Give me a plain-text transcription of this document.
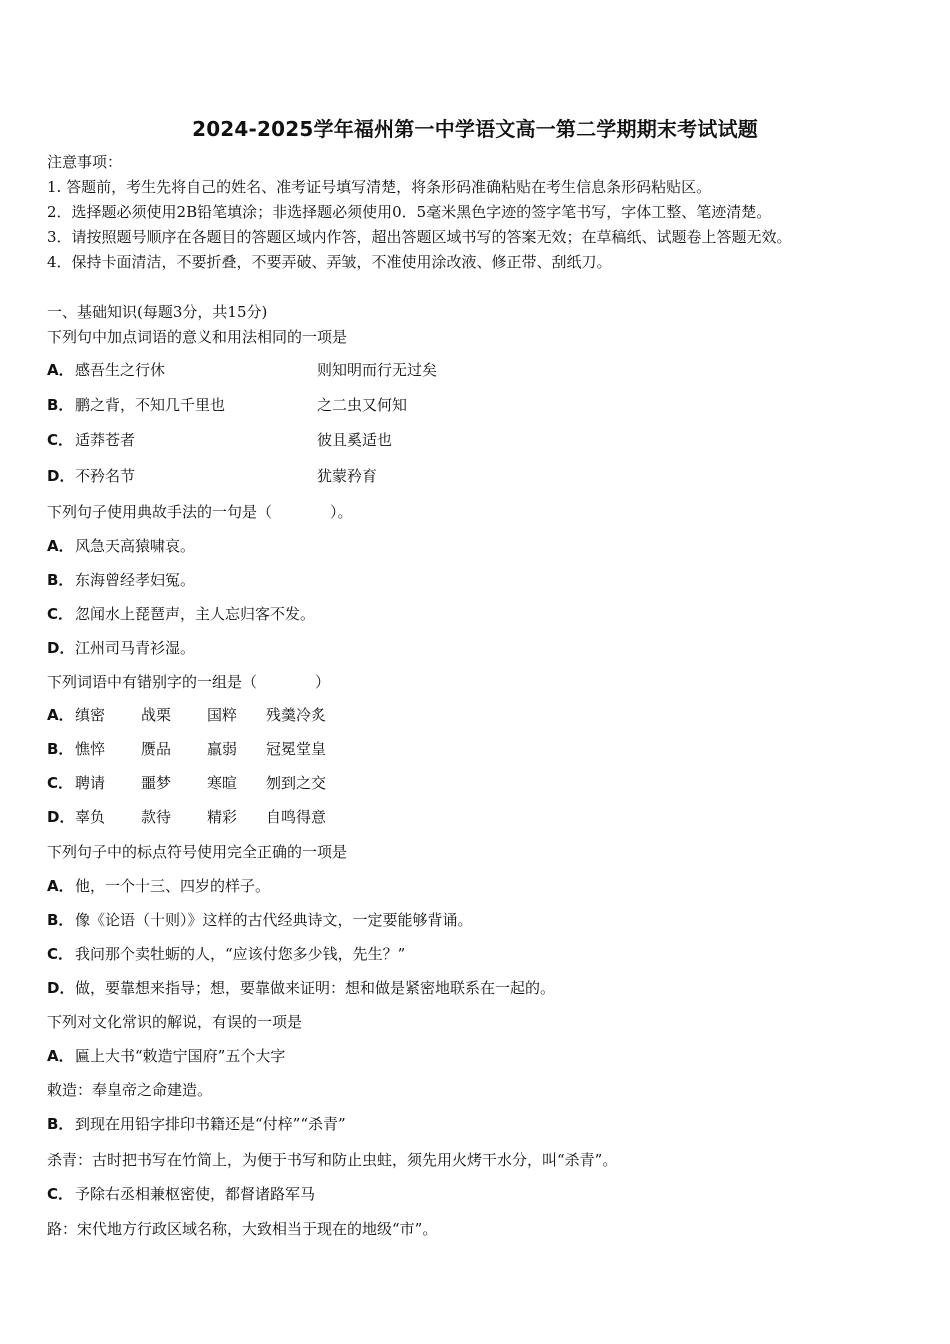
2024-2025学年福州第一中学语文高一第二学期期末考试试题
注意事项：
1. 答题前，考生先将自己的姓名、准考证号填写清楚，将条形码准确粘贴在考生信息条形码粘贴区。
2．选择题必须使用2B铅笔填涂；非选择题必须使用0．5毫米黑色字迹的签字笔书写，字体工整、笔迹清楚。
3．请按照题号顺序在各题目的答题区域内作答，超出答题区域书写的答案无效；在草稿纸、试题卷上答题无效。
4．保持卡面清洁，不要折叠，不要弄破、弄皱，不准使用涂改液、修正带、刮纸刀。
一、基础知识(每题3分，共15分)
下列句中加点词语的意义和用法相同的一项是
A．感吾生之行休	则知明而行无过矣
B． 鹏之背，不知几千里也	之二虫又何知
C． 适莽苍者	彼且奚适也
D．不矜名节	犹蒙矜育
下列句子使用典故手法的一句是（	）。
A．风急天高猿啸哀。
B． 东海曾经孝妇冤。
C． 忽闻水上琵琶声，主人忘归客不发。
D．江州司马青衫湿。
下列词语中有错别字的一组是（	）
A．缜密 战栗 国粹 残羹冷炙
B． 憔悴 赝品 羸弱 冠冕堂皇
C． 聘请 噩梦 寒暄 刎到之交
D．辜负 款待 精彩 自鸣得意
下列句子中的标点符号使用完全正确的一项是
A．他，一个十三、四岁的样子。
B． 像《论语（十则）》这样的古代经典诗文，一定要能够背诵。
C． 我问那个卖牡蛎的人，“应该付您多少钱，先生？”
D．做，要靠想来指导；想，要靠做来证明：想和做是紧密地联系在一起的。
下列对文化常识的解说，有误的一项是
A．匾上大书“敕造宁国府”五个大字
敕造：奉皇帝之命建造。
B． 到现在用铅字排印书籍还是“付梓”“杀青”
杀青：古时把书写在竹简上，为便于书写和防止虫蛀，须先用火烤干水分，叫“杀青”。
C． 予除右丞相兼枢密使，都督诸路军马
路：宋代地方行政区域名称，大致相当于现在的地级“市”。
